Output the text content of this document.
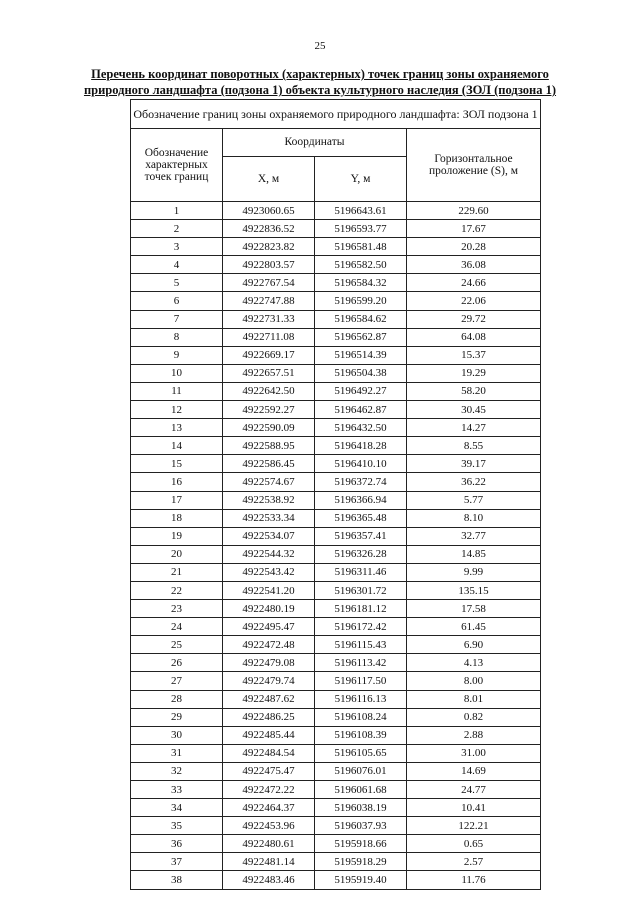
25
Перечень координат поворотных (характерных) точек границ зоны охраняемого
природного ландшафта (подзона 1) объекта культурного наследия (ЗОЛ (подзона 1)
Обозначение границ зоны охраняемого природного ландшафта: ЗОЛ подзона 1			
Обозначение характерных точек границ	Координаты		Горизонтальное проложение (S), м
	X, м	Y, м	
1	4923060.65	5196643.61	229.60
2	4922836.52	5196593.77	17.67
3	4922823.82	5196581.48	20.28
4	4922803.57	5196582.50	36.08
5	4922767.54	5196584.32	24.66
6	4922747.88	5196599.20	22.06
7	4922731.33	5196584.62	29.72
8	4922711.08	5196562.87	64.08
9	4922669.17	5196514.39	15.37
10	4922657.51	5196504.38	19.29
11	4922642.50	5196492.27	58.20
12	4922592.27	5196462.87	30.45
13	4922590.09	5196432.50	14.27
14	4922588.95	5196418.28	8.55
15	4922586.45	5196410.10	39.17
16	4922574.67	5196372.74	36.22
17	4922538.92	5196366.94	5.77
18	4922533.34	5196365.48	8.10
19	4922534.07	5196357.41	32.77
20	4922544.32	5196326.28	14.85
21	4922543.42	5196311.46	9.99
22	4922541.20	5196301.72	135.15
23	4922480.19	5196181.12	17.58
24	4922495.47	5196172.42	61.45
25	4922472.48	5196115.43	6.90
26	4922479.08	5196113.42	4.13
27	4922479.74	5196117.50	8.00
28	4922487.62	5196116.13	8.01
29	4922486.25	5196108.24	0.82
30	4922485.44	5196108.39	2.88
31	4922484.54	5196105.65	31.00
32	4922475.47	5196076.01	14.69
33	4922472.22	5196061.68	24.77
34	4922464.37	5196038.19	10.41
35	4922453.96	5196037.93	122.21
36	4922480.61	5195918.66	0.65
37	4922481.14	5195918.29	2.57
38	4922483.46	5195919.40	11.76
